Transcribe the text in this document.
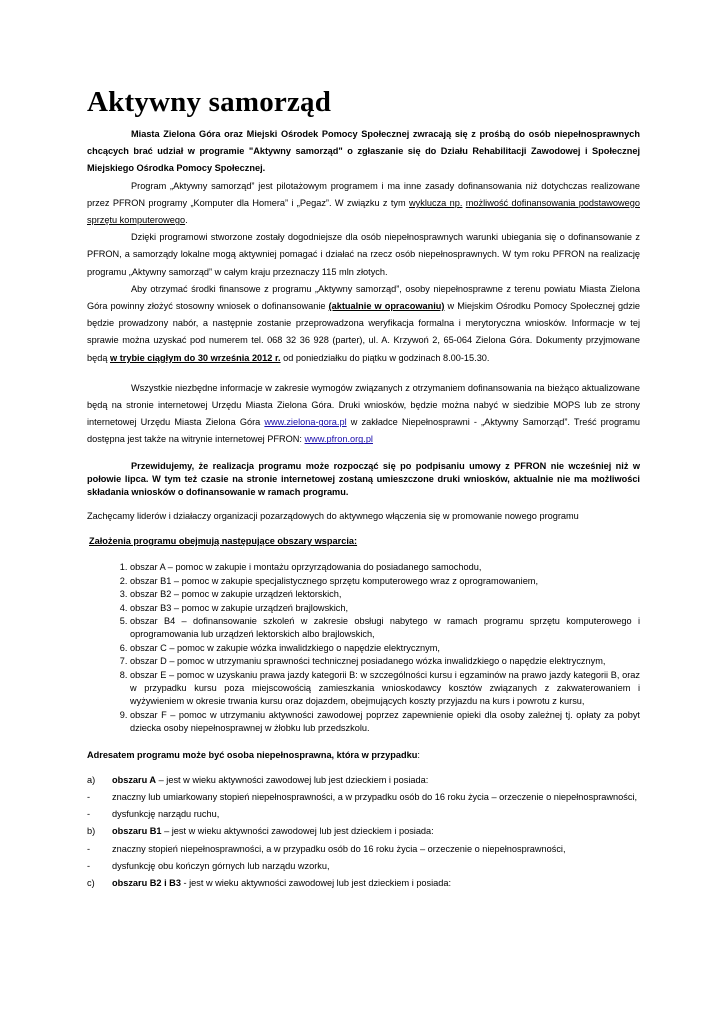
Aktywny samorząd

Miasta Zielona Góra oraz Miejski Ośrodek Pomocy Społecznej zwracają się z prośbą do osób niepełnosprawnych chcących brać udział w programie "Aktywny samorząd" o zgłaszanie się do Działu Rehabilitacji Zawodowej i Społecznej Miejskiego Ośrodka Pomocy Społecznej.

Program „Aktywny samorząd” jest pilotażowym programem i ma inne zasady dofinansowania niż dotychczas realizowane przez PFRON programy „Komputer dla Homera” i „Pegaz”. W związku z tym wyklucza np. możliwość dofinansowania podstawowego sprzętu komputerowego.

Dzięki programowi stworzone zostały dogodniejsze dla osób niepełnosprawnych warunki ubiegania się o dofinansowanie z PFRON, a samorządy lokalne mogą aktywniej pomagać i działać na rzecz osób niepełnosprawnych. W tym roku PFRON na realizację programu „Aktywny samorząd” w całym kraju przeznaczy 115 mln złotych.

Aby otrzymać środki finansowe z programu „Aktywny samorząd”, osoby niepełnosprawne z terenu powiatu Miasta Zielona Góra powinny złożyć stosowny wniosek o dofinansowanie (aktualnie w opracowaniu) w Miejskim Ośrodku Pomocy Społecznej gdzie będzie prowadzony nabór, a następnie zostanie przeprowadzona weryfikacja formalna i merytoryczna wniosków. Informacje w tej sprawie można uzyskać pod numerem tel. 068 32 36 928 (parter), ul. A. Krzywoń 2, 65-064 Zielona Góra. Dokumenty przyjmowane będą w trybie ciągłym do 30 września 2012 r. od poniedziałku do piątku w godzinach 8.00-15.30.

Wszystkie niezbędne informacje w zakresie wymogów związanych z otrzymaniem dofinansowania na bieżąco aktualizowane będą na stronie internetowej Urzędu Miasta Zielona Góra. Druki wniosków, będzie można nabyć w siedzibie MOPS lub ze strony internetowej Urzędu Miasta Zielona Góra www.zielona-gora.pl w zakładce Niepełnosprawni - „Aktywny Samorząd”. Treść programu dostępna jest także na witrynie internetowej PFRON: www.pfron.org.pl

Przewidujemy, że realizacja programu może rozpocząć się po podpisaniu umowy z PFRON nie wcześniej niż w połowie lipca. W tym też czasie na stronie internetowej zostaną umieszczone druki wniosków, aktualnie nie ma możliwości składania wniosków o dofinansowanie w ramach programu.

Zachęcamy liderów i działaczy organizacji pozarządowych do aktywnego włączenia się w promowanie nowego programu

Założenia programu obejmują następujące obszary wsparcia:

1. obszar A – pomoc w zakupie i montażu oprzyrządowania do posiadanego samochodu,
2. obszar B1 – pomoc w zakupie specjalistycznego sprzętu komputerowego wraz z oprogramowaniem,
3. obszar B2 – pomoc w zakupie urządzeń lektorskich,
4. obszar B3 – pomoc w zakupie urządzeń brajlowskich,
5. obszar B4 – dofinansowanie szkoleń w zakresie obsługi nabytego w ramach programu sprzętu komputerowego i oprogramowania lub urządzeń lektorskich albo brajlowskich,
6. obszar C – pomoc w zakupie wózka inwalidzkiego o napędzie elektrycznym,
7. obszar D – pomoc w utrzymaniu sprawności technicznej posiadanego wózka inwalidzkiego o napędzie elektrycznym,
8. obszar E – pomoc w uzyskaniu prawa jazdy kategorii B: w szczególności kursu i egzaminów na prawo jazdy kategorii B, oraz w przypadku kursu poza miejscowością zamieszkania wnioskodawcy kosztów związanych z zakwaterowaniem i wyżywieniem w okresie trwania kursu oraz dojazdem, obejmujących koszty przyjazdu na kurs i powrotu z kursu,
9. obszar F – pomoc w utrzymaniu aktywności zawodowej poprzez zapewnienie opieki dla osoby zależnej tj. opłaty za pobyt dziecka osoby niepełnosprawnej w żłobku lub przedszkolu.

Adresatem programu może być osoba niepełnosprawna, która w przypadku:

a)	obszaru A – jest w wieku aktywności zawodowej lub jest dzieckiem i posiada:
-	znaczny lub umiarkowany stopień niepełnosprawności, a w przypadku osób do 16 roku życia – orzeczenie o niepełnosprawności,
-	dysfunkcję narządu ruchu,
b)	obszaru B1 – jest w wieku aktywności zawodowej lub jest dzieckiem i posiada:
-	znaczny stopień niepełnosprawności, a w przypadku osób do 16 roku życia – orzeczenie o niepełnosprawności,
-	dysfunkcję obu kończyn górnych lub narządu wzorku,
c)	obszaru B2 i B3 - jest w wieku aktywności zawodowej lub jest dzieckiem i posiada:
